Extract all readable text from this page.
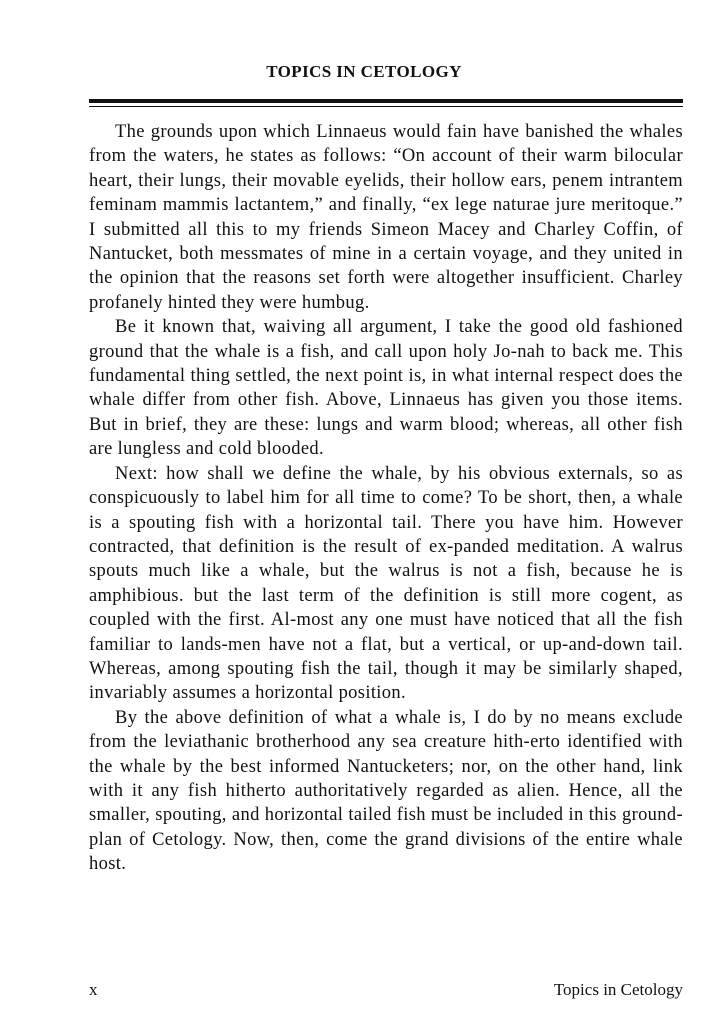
TOPICS IN CETOLOGY

The grounds upon which Linnaeus would fain have banished the whales from the waters, he states as follows: “On account of their warm bilocular heart, their lungs, their movable eyelids, their hollow ears, penem intrantem feminam mammis lactantem,” and finally, “ex lege naturae jure meritoque.” I submitted all this to my friends Simeon Macey and Charley Coffin, of Nantucket, both messmates of mine in a certain voyage, and they united in the opinion that the reasons set forth were altogether insufficient. Charley profanely hinted they were humbug.

Be it known that, waiving all argument, I take the good old fashioned ground that the whale is a fish, and call upon holy Jo-nah to back me. This fundamental thing settled, the next point is, in what internal respect does the whale differ from other fish. Above, Linnaeus has given you those items. But in brief, they are these: lungs and warm blood; whereas, all other fish are lungless and cold blooded.

Next: how shall we define the whale, by his obvious externals, so as conspicuously to label him for all time to come? To be short, then, a whale is a spouting fish with a horizontal tail. There you have him. However contracted, that definition is the result of ex-panded meditation. A walrus spouts much like a whale, but the walrus is not a fish, because he is amphibious. but the last term of the definition is still more cogent, as coupled with the first. Al-most any one must have noticed that all the fish familiar to lands-men have not a flat, but a vertical, or up-and-down tail. Whereas, among spouting fish the tail, though it may be similarly shaped, invariably assumes a horizontal position.

By the above definition of what a whale is, I do by no means exclude from the leviathanic brotherhood any sea creature hith-erto identified with the whale by the best informed Nantucketers; nor, on the other hand, link with it any fish hitherto authoritatively regarded as alien. Hence, all the smaller, spouting, and horizontal tailed fish must be included in this ground-plan of Cetology. Now, then, come the grand divisions of the entire whale host.

x	Topics in Cetology
